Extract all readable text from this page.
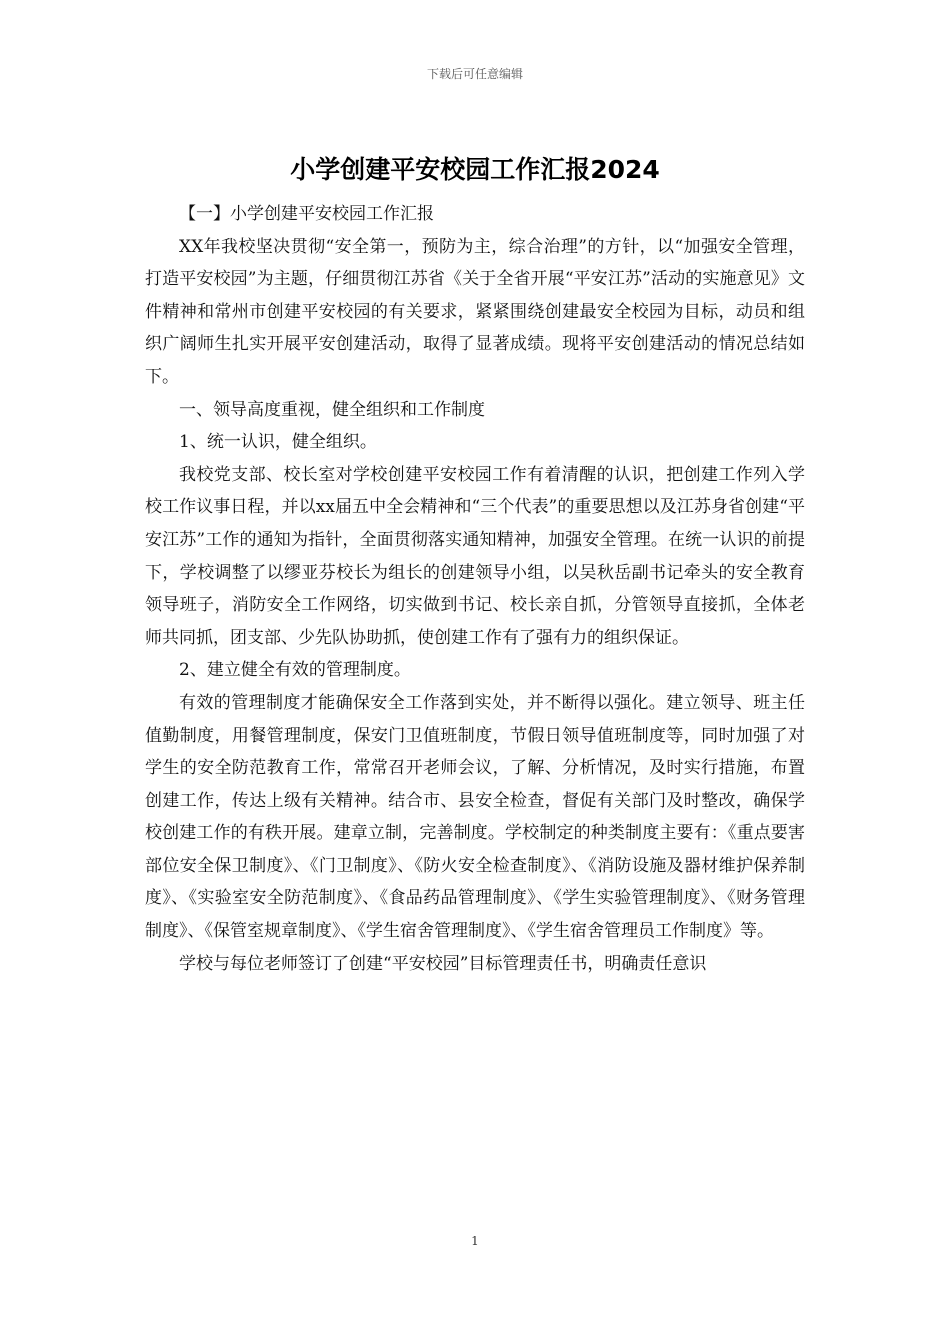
下载后可任意编辑
小学创建平安校园工作汇报2024

【一】小学创建平安校园工作汇报

XX年我校坚决贯彻“安全第一，预防为主，综合治理”的方针，以“加强安全管理，打造平安校园”为主题，仔细贯彻江苏省《关于全省开展“平安江苏”活动的实施意见》文件精神和常州市创建平安校园的有关要求，紧紧围绕创建最安全校园为目标，动员和组织广阔师生扎实开展平安创建活动，取得了显著成绩。现将平安创建活动的情况总结如下。

一、领导高度重视，健全组织和工作制度

1、统一认识，健全组织。

我校党支部、校长室对学校创建平安校园工作有着清醒的认识，把创建工作列入学校工作议事日程，并以xx届五中全会精神和“三个代表”的重要思想以及江苏身省创建“平安江苏”工作的通知为指针，全面贯彻落实通知精神，加强安全管理。在统一认识的前提下，学校调整了以缪亚芬校长为组长的创建领导小组，以吴秋岳副书记牵头的安全教育领导班子，消防安全工作网络，切实做到书记、校长亲自抓，分管领导直接抓，全体老师共同抓，团支部、少先队协助抓，使创建工作有了强有力的组织保证。

2、建立健全有效的管理制度。

有效的管理制度才能确保安全工作落到实处，并不断得以强化。建立领导、班主任值勤制度，用餐管理制度，保安门卫值班制度，节假日领导值班制度等，同时加强了对学生的安全防范教育工作，常常召开老师会议，了解、分析情况，及时实行措施，布置创建工作，传达上级有关精神。结合市、县安全检查，督促有关部门及时整改，确保学校创建工作的有秩开展。建章立制，完善制度。学校制定的种类制度主要有：《重点要害部位安全保卫制度》、《门卫制度》、《防火安全检查制度》、《消防设施及器材维护保养制度》、《实验室安全防范制度》、《食品药品管理制度》、《学生实验管理制度》、《财务管理制度》、《保管室规章制度》、《学生宿舍管理制度》、《学生宿舍管理员工作制度》等。

学校与每位老师签订了创建“平安校园”目标管理责任书，明确责任意识

1
